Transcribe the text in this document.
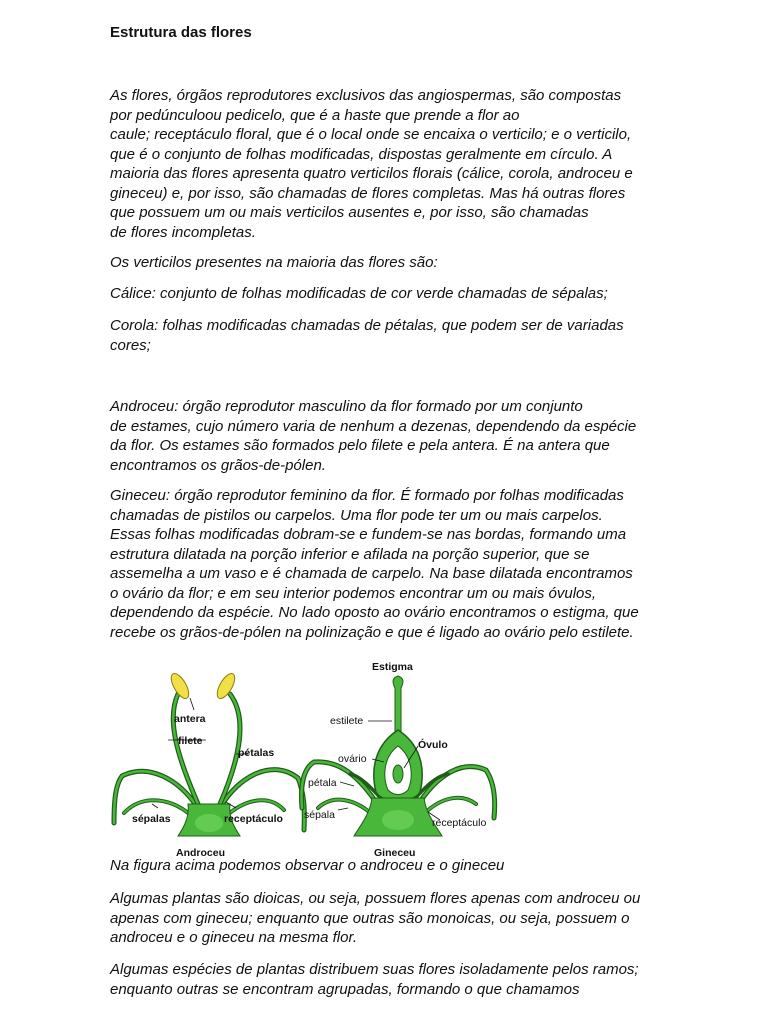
Estrutura das flores
As flores, órgãos reprodutores exclusivos das angiospermas, são compostas
por pedúnculoou pedicelo, que é a haste que prende a flor ao
caule; receptáculo floral, que é o local onde se encaixa o verticilo; e o verticilo,
que é o conjunto de folhas modificadas, dispostas geralmente em círculo. A
maioria das flores apresenta quatro verticilos florais (cálice, corola, androceu e
gineceu) e, por isso, são chamadas de flores completas. Mas há outras flores
que possuem um ou mais verticilos ausentes e, por isso, são chamadas
de flores incompletas.
Os verticilos presentes na maioria das flores são:
Cálice: conjunto de folhas modificadas de cor verde chamadas de sépalas;
Corola: folhas modificadas chamadas de pétalas, que podem ser de variadas
cores;
Androceu: órgão reprodutor masculino da flor formado por um conjunto
de estames, cujo número varia de nenhum a dezenas, dependendo da espécie
da flor. Os estames são formados pelo filete e pela antera. É na antera que
encontramos os grãos-de-pólen.
Gineceu: órgão reprodutor feminino da flor. É formado por folhas modificadas
chamadas de pistilos ou carpelos. Uma flor pode ter um ou mais carpelos.
Essas folhas modificadas dobram-se e fundem-se nas bordas, formando uma
estrutura dilatada na porção inferior e afilada na porção superior, que se
assemelha a um vaso e é chamada de carpelo. Na base dilatada encontramos
o ovário da flor; e em seu interior podemos encontrar um ou mais óvulos,
dependendo da espécie. No lado oposto ao ovário encontramos o estigma, que
recebe os grãos-de-pólen na polinização e que é ligado ao ovário pelo estilete.
antera
filete
pétalas
sépalas	receptáculo
Androceu
Estigma
estilete
Óvulo
ovário
pétala
sépala
receptáculo
Gineceu
Na figura acima podemos observar o androceu e o gineceu
Algumas plantas são dioicas, ou seja, possuem flores apenas com androceu ou
apenas com gineceu; enquanto que outras são monoicas, ou seja, possuem o
androceu e o gineceu na mesma flor.
Algumas espécies de plantas distribuem suas flores isoladamente pelos ramos;
enquanto outras se encontram agrupadas, formando o que chamamos
